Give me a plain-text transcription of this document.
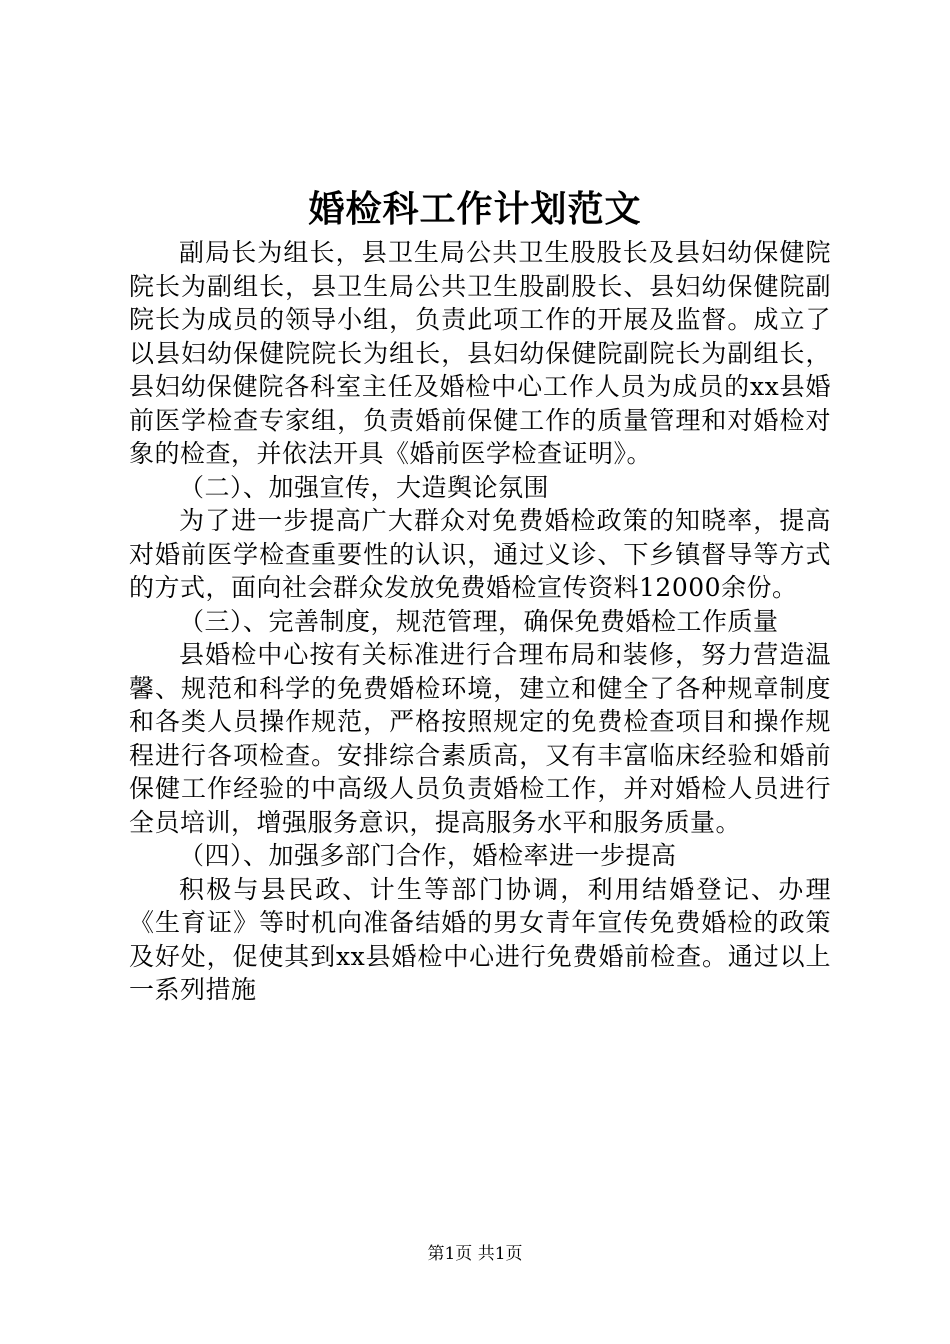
婚检科工作计划范文

副局长为组长，县卫生局公共卫生股股长及县妇幼保健院院长为副组长，县卫生局公共卫生股副股长、县妇幼保健院副院长为成员的领导小组，负责此项工作的开展及监督。成立了以县妇幼保健院院长为组长，县妇幼保健院副院长为副组长，县妇幼保健院各科室主任及婚检中心工作人员为成员的xx县婚前医学检查专家组，负责婚前保健工作的质量管理和对婚检对象的检查，并依法开具《婚前医学检查证明》。

（二）、加强宣传，大造舆论氛围

为了进一步提高广大群众对免费婚检政策的知晓率，提高对婚前医学检查重要性的认识，通过义诊、下乡镇督导等方式的方式，面向社会群众发放免费婚检宣传资料12000余份。

（三）、完善制度，规范管理，确保免费婚检工作质量

县婚检中心按有关标准进行合理布局和装修，努力营造温馨、规范和科学的免费婚检环境，建立和健全了各种规章制度和各类人员操作规范，严格按照规定的免费检查项目和操作规程进行各项检查。安排综合素质高，又有丰富临床经验和婚前保健工作经验的中高级人员负责婚检工作，并对婚检人员进行全员培训，增强服务意识，提高服务水平和服务质量。

（四）、加强多部门合作，婚检率进一步提高

积极与县民政、计生等部门协调，利用结婚登记、办理《生育证》等时机向准备结婚的男女青年宣传免费婚检的政策及好处，促使其到xx县婚检中心进行免费婚前检查。通过以上一系列措施

第1页 共1页
